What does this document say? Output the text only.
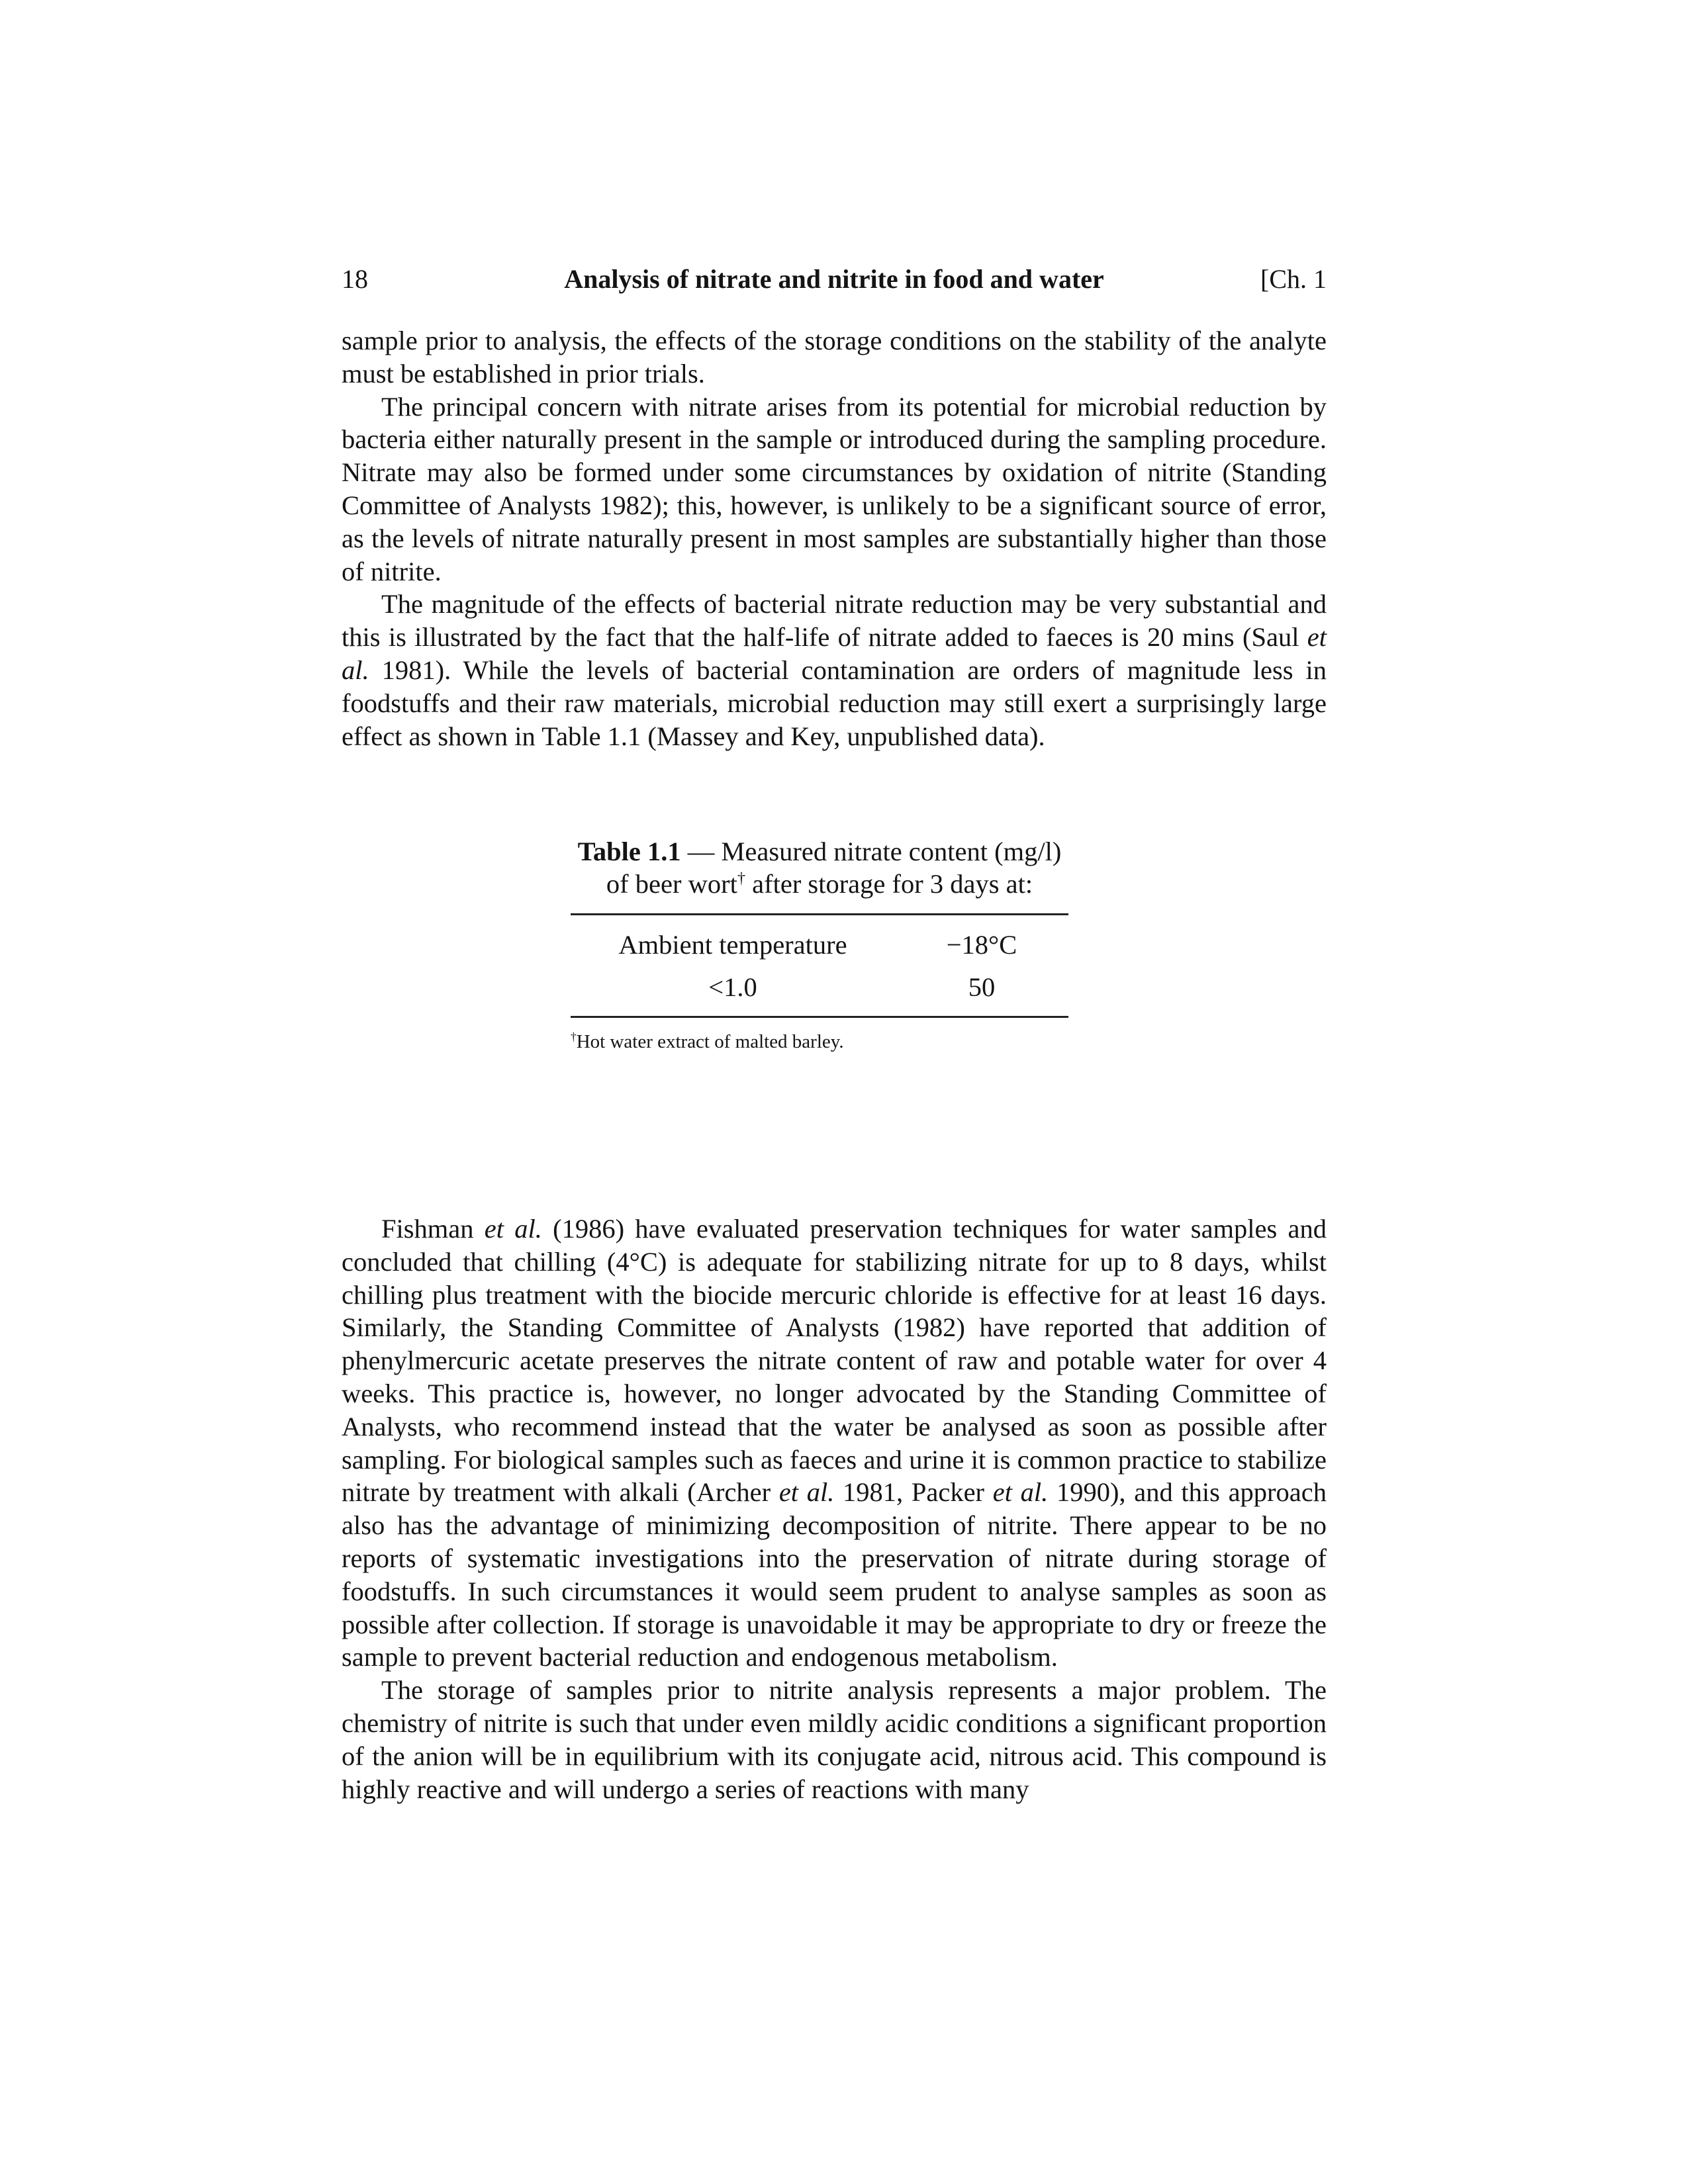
18	Analysis of nitrate and nitrite in food and water	[Ch. 1

sample prior to analysis, the effects of the storage conditions on the stability of the analyte must be established in prior trials.

The principal concern with nitrate arises from its potential for microbial reduction by bacteria either naturally present in the sample or introduced during the sampling procedure. Nitrate may also be formed under some circumstances by oxidation of nitrite (Standing Committee of Analysts 1982); this, however, is unlikely to be a significant source of error, as the levels of nitrate naturally present in most samples are substantially higher than those of nitrite.

The magnitude of the effects of bacterial nitrate reduction may be very substantial and this is illustrated by the fact that the half-life of nitrate added to faeces is 20 mins (Saul et al. 1981). While the levels of bacterial contamination are orders of magnitude less in foodstuffs and their raw materials, microbial reduction may still exert a surprisingly large effect as shown in Table 1.1 (Massey and Key, unpublished data).

Table 1.1 — Measured nitrate content (mg/l) of beer wort† after storage for 3 days at:
Ambient temperature	−18°C
<1.0	50
†Hot water extract of malted barley.

Fishman et al. (1986) have evaluated preservation techniques for water samples and concluded that chilling (4°C) is adequate for stabilizing nitrate for up to 8 days, whilst chilling plus treatment with the biocide mercuric chloride is effective for at least 16 days. Similarly, the Standing Committee of Analysts (1982) have reported that addition of phenylmercuric acetate preserves the nitrate content of raw and potable water for over 4 weeks. This practice is, however, no longer advocated by the Standing Committee of Analysts, who recommend instead that the water be analysed as soon as possible after sampling. For biological samples such as faeces and urine it is common practice to stabilize nitrate by treatment with alkali (Archer et al. 1981, Packer et al. 1990), and this approach also has the advantage of minimizing decomposition of nitrite. There appear to be no reports of systematic investigations into the preservation of nitrate during storage of foodstuffs. In such circumstances it would seem prudent to analyse samples as soon as possible after collection. If storage is unavoidable it may be appropriate to dry or freeze the sample to prevent bacterial reduction and endogenous metabolism.

The storage of samples prior to nitrite analysis represents a major problem. The chemistry of nitrite is such that under even mildly acidic conditions a significant proportion of the anion will be in equilibrium with its conjugate acid, nitrous acid. This compound is highly reactive and will undergo a series of reactions with many
